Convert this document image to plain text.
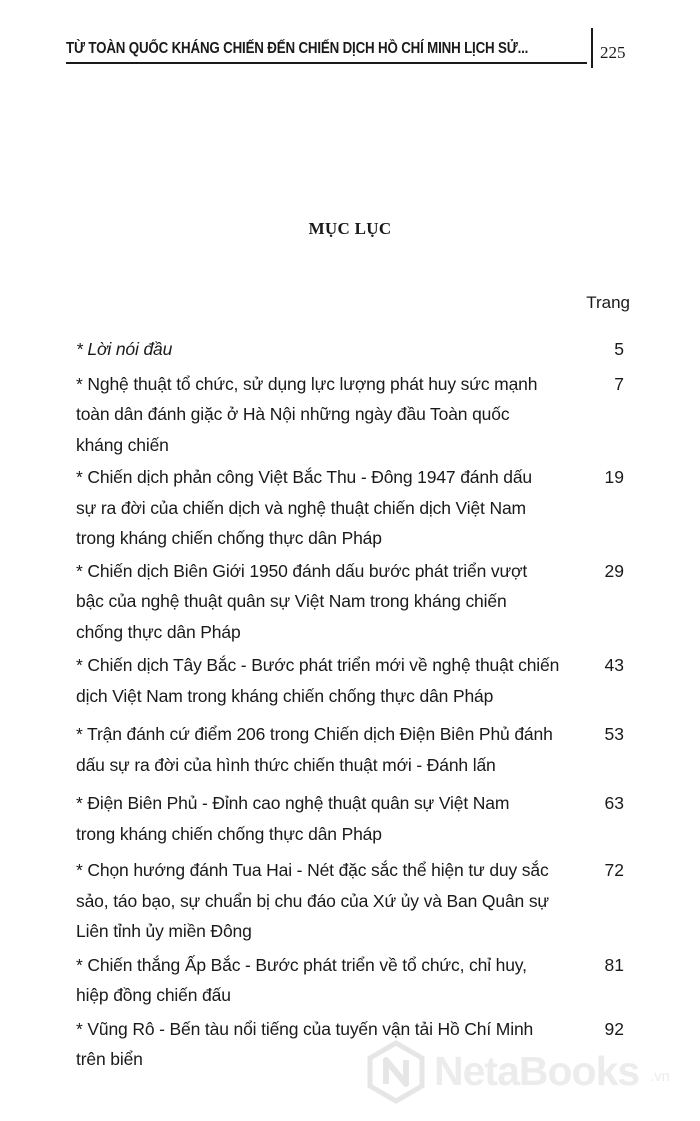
TỪ TOÀN QUỐC KHÁNG CHIẾN ĐẾN CHIẾN DỊCH HỒ CHÍ MINH LỊCH SỬ...	225
MỤC LỤC
Trang
* Lời nói đầu	5
* Nghệ thuật tổ chức, sử dụng lực lượng phát huy sức mạnh
toàn dân đánh giặc ở Hà Nội những ngày đầu Toàn quốc
kháng chiến
7
* Chiến dịch phản công Việt Bắc Thu - Đông 1947 đánh dấu
sự ra đời của chiến dịch và nghệ thuật chiến dịch Việt Nam
trong kháng chiến chống thực dân Pháp
19
* Chiến dịch Biên Giới 1950 đánh dấu bước phát triển vượt
bậc của nghệ thuật quân sự Việt Nam trong kháng chiến
chống thực dân Pháp
29
* Chiến dịch Tây Bắc - Bước phát triển mới về nghệ thuật chiến
dịch Việt Nam trong kháng chiến chống thực dân Pháp
43
* Trận đánh cứ điểm 206 trong Chiến dịch Điện Biên Phủ đánh
dấu sự ra đời của hình thức chiến thuật mới - Đánh lấn
53
* Điện Biên Phủ - Đỉnh cao nghệ thuật quân sự Việt Nam
trong kháng chiến chống thực dân Pháp
63
* Chọn hướng đánh Tua Hai - Nét đặc sắc thể hiện tư duy sắc
sảo, táo bạo, sự chuẩn bị chu đáo của Xứ ủy và Ban Quân sự
Liên tỉnh ủy miền Đông
72
* Chiến thắng Ấp Bắc - Bước phát triển về tổ chức, chỉ huy,
hiệp đồng chiến đấu
81
* Vũng Rô - Bến tàu nổi tiếng của tuyến vận tải Hồ Chí Minh
trên biển
92
NetaBooks .vn
